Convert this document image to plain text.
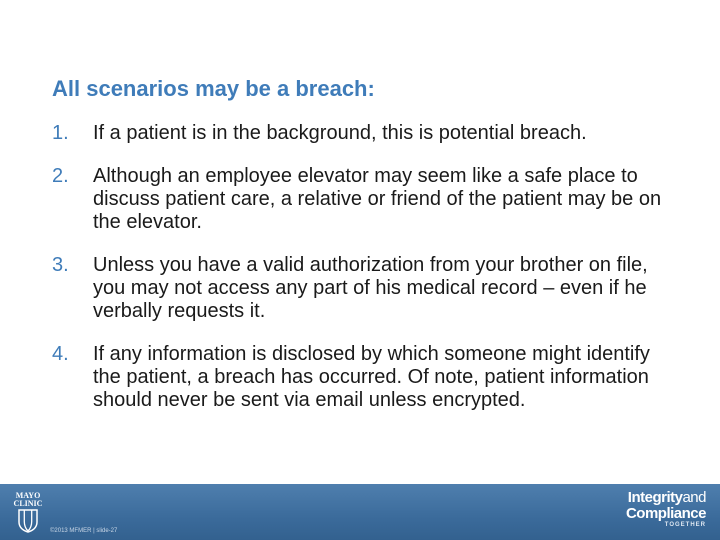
All scenarios may be a breach:
1. If a patient is in the background, this is potential breach.
2. Although an employee elevator may seem like a safe place to discuss patient care, a relative or friend of the patient may be on the elevator.
3. Unless you have a valid authorization from your brother on file, you may not access any part of his medical record – even if he verbally requests it.
4. If any information is disclosed by which someone might identify the patient, a breach has occurred. Of note, patient information should never be sent via email unless encrypted.
MAYO
CLINIC
©2013 MFMER | slide-27
Integrityand
Compliance
TOGETHER
